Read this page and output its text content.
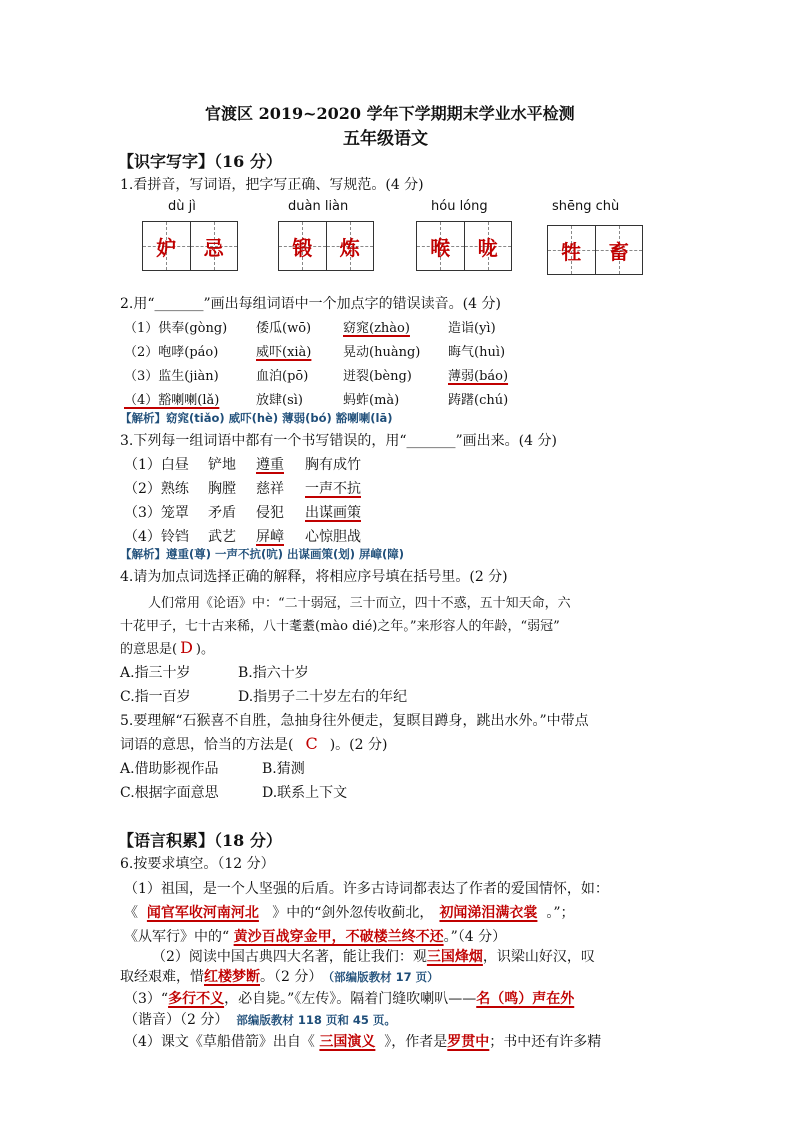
官渡区 2019~2020 学年下学期期末学业水平检测
五年级语文
【识字写字】（16 分）
1.看拼音，写词语，把字写正确、写规范。(4 分)
dù jì	duàn liàn	hóu lóng	shēng chù
妒 忌	锻 炼	喉 咙	牲 畜
2.用“_______”画出每组词语中一个加点字的错误读音。(4 分)
（1）供奉(gòng) 倭瓜(wō) 窈窕(zhào)	造诣(yì)
（2）咆哮(páo)	威吓(xià) 晃动(huàng) 晦气(huì)
（3）监生(jiàn)	血泊(pō)	迸裂(bèng)	薄弱(báo)
（4）豁喇喇(lǎ)	放肆(sì)	蚂蚱(mà)	踌躇(chú)
【解析】窈窕(tiǎo) 威吓(hè) 薄弱(bó) 豁喇喇(lā)
3.下列每一组词语中都有一个书写错误的，用“_______”画出来。(4 分)
（1）白昼 铲地 遵重 胸有成竹
（2）熟练 胸膛 慈祥 一声不抗
（3）笼罩 矛盾 侵犯 出谋画策
（4）铃铛 武艺 屏嶂 心惊胆战
【解析】遵重(尊) 一声不抗(吭) 出谋画策(划) 屏嶂(障)
4.请为加点词选择正确的解释，将相应序号填在括号里。(2 分)
人们常用《论语》中：“二十弱冠，三十而立，四十不惑，五十知天命，六
十花甲子，七十古来稀，八十耄耋(mào dié)之年。”来形容人的年龄，“弱冠”
的意思是( D )。
A.指三十岁	B.指六十岁
C.指一百岁	D.指男子二十岁左右的年纪
5.要理解“石猴喜不自胜，急抽身往外便走，复瞑目蹲身，跳出水外。”中带点
词语的意思，恰当的方法是( C )。(2 分)
A.借助影视作品	B.猜测
C.根据字面意思	D.联系上下文
【语言积累】（18 分）
6.按要求填空。（12 分）
（1）祖国，是一个人坚强的后盾。许多古诗词都表达了作者的爱国情怀，如：
《 闻官军收河南河北 》中的“剑外忽传收蓟北， 初闻涕泪满衣裳 。”；
《从军行》中的“ 黄沙百战穿金甲，不破楼兰终不还。”（4 分）
（2）阅读中国古典四大名著，能让我们：观三国烽烟，识梁山好汉，叹
取经艰难，惜红楼梦断。（2 分） （部编版教材 17 页）
（3）“多行不义，必自毙。”《左传》。隔着门缝吹喇叭——名（鸣）声在外
（谐音）（2 分） 部编版教材 118 页和 45 页。
（4）课文《草船借箭》出自《 三国演义 》，作者是罗贯中；书中还有许多精
